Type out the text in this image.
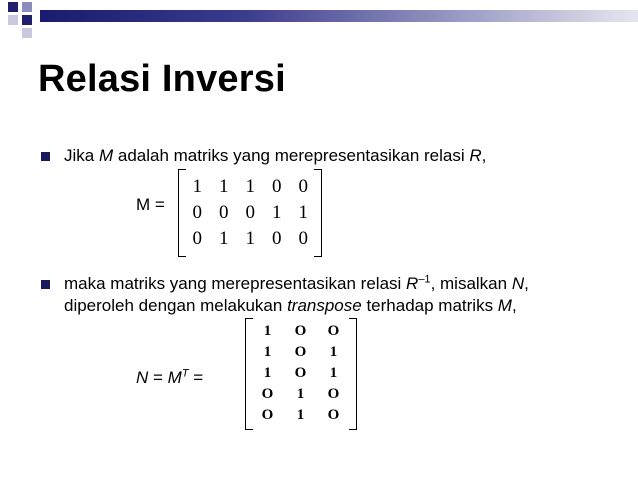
Relasi Inversi
Jika M adalah matriks yang merepresentasikan relasi R,
M =
1 1 1 0 0
0 0 0 1 1
0 1 1 0 0
maka matriks yang merepresentasikan relasi $R^{-1}$, misalkan N,
diperoleh dengan melakukan transpose terhadap matriks M,
$N = M^T$ =
1	O	O
1	O	1
1	O	1
O	1	O
O	1	O
